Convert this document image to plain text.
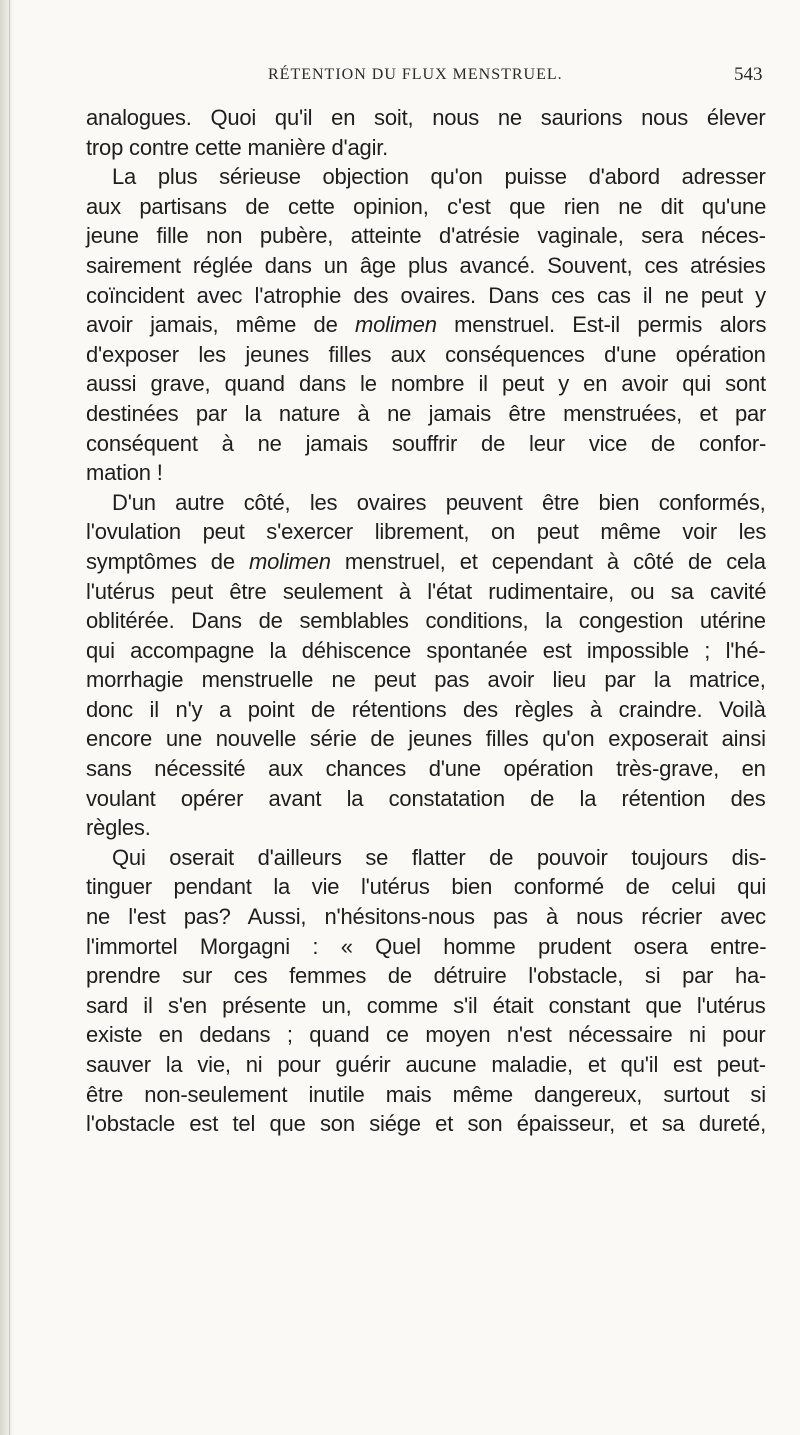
RÉTENTION DU FLUX MENSTRUEL.	543
analogues. Quoi qu'il en soit, nous ne saurions nous élever
trop contre cette manière d'agir.
La plus sérieuse objection qu'on puisse d'abord adresser
aux partisans de cette opinion, c'est que rien ne dit qu'une
jeune fille non pubère, atteinte d'atrésie vaginale, sera néces-
sairement réglée dans un âge plus avancé. Souvent, ces atrésies
coïncident avec l'atrophie des ovaires. Dans ces cas il ne peut y
avoir jamais, même de molimen menstruel. Est-il permis alors
d'exposer les jeunes filles aux conséquences d'une opération
aussi grave, quand dans le nombre il peut y en avoir qui sont
destinées par la nature à ne jamais être menstruées, et par
conséquent à ne jamais souffrir de leur vice de confor-
mation !
D'un autre côté, les ovaires peuvent être bien conformés,
l'ovulation peut s'exercer librement, on peut même voir les
symptômes de molimen menstruel, et cependant à côté de cela
l'utérus peut être seulement à l'état rudimentaire, ou sa cavité
oblitérée. Dans de semblables conditions, la congestion utérine
qui accompagne la déhiscence spontanée est impossible ; l'hé-
morrhagie menstruelle ne peut pas avoir lieu par la matrice,
donc il n'y a point de rétentions des règles à craindre. Voilà
encore une nouvelle série de jeunes filles qu'on exposerait ainsi
sans nécessité aux chances d'une opération très-grave, en
voulant opérer avant la constatation de la rétention des
règles.
Qui oserait d'ailleurs se flatter de pouvoir toujours dis-
tinguer pendant la vie l'utérus bien conformé de celui qui
ne l'est pas? Aussi, n'hésitons-nous pas à nous récrier avec
l'immortel Morgagni : « Quel homme prudent osera entre-
prendre sur ces femmes de détruire l'obstacle, si par ha-
sard il s'en présente un, comme s'il était constant que l'utérus
existe en dedans ; quand ce moyen n'est nécessaire ni pour
sauver la vie, ni pour guérir aucune maladie, et qu'il est peut-
être non-seulement inutile mais même dangereux, surtout si
l'obstacle est tel que son siége et son épaisseur, et sa dureté,
